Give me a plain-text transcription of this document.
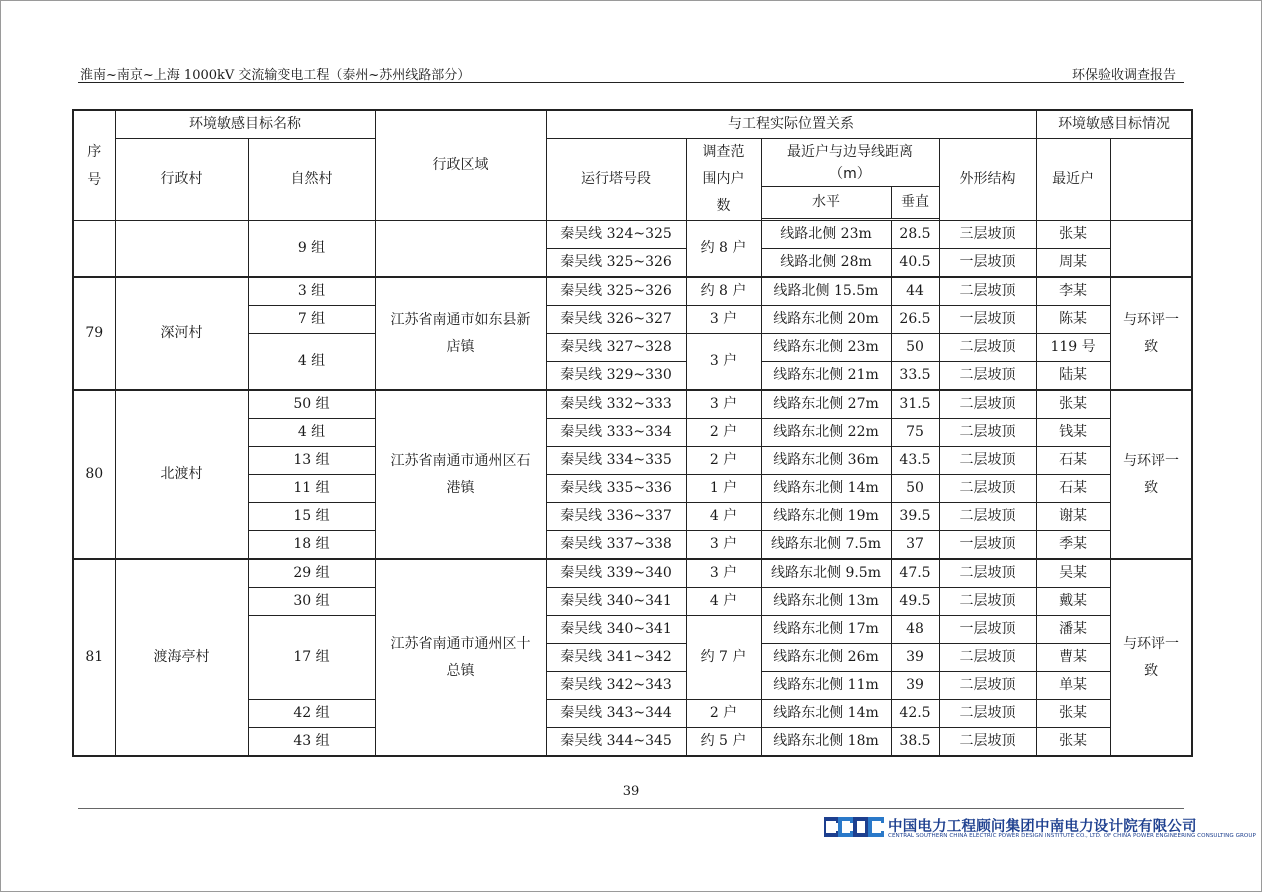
淮南~南京~上海 1000kV 交流输变电工程（泰州~苏州线路部分）	环保验收调查报告
序号	环境敏感目标名称		行政区域	与工程实际位置关系					环境敏感目标情况	

	行政村	自然村		运行塔号段	调查范围内户数	最近户与边导线距离（m）		外形结构	最近户		
						水平	垂直				

		9 组		秦吴线 324~325	约 8 户	线路北侧 23m	28.5	三层坡顶	张某		
				秦吴线 325~326		线路北侧 28m	40.5	一层坡顶	周某		
79	深河村	3 组	江苏省南通市如东县新店镇	秦吴线 325~326	约 8 户	线路北侧 15.5m	44	二层坡顶	李某	与环评一致	

		7 组		秦吴线 326~327	3 户	线路东北侧 20m	26.5	一层坡顶	陈某		
		4 组		秦吴线 327~328	3 户	线路东北侧 23m	50	二层坡顶	119 号		
				秦吴线 329~330		线路东北侧 21m	33.5	二层坡顶	陆某		
80	北渡村	50 组	江苏省南通市通州区石港镇	秦吴线 332~333	3 户	线路东北侧 27m	31.5	二层坡顶	张某	与环评一致	

		4 组		秦吴线 333~334	2 户	线路东北侧 22m	75	二层坡顶	钱某		
		13 组		秦吴线 334~335	2 户	线路东北侧 36m	43.5	二层坡顶	石某		
		11 组		秦吴线 335~336	1 户	线路东北侧 14m	50	二层坡顶	石某		
		15 组		秦吴线 336~337	4 户	线路东北侧 19m	39.5	二层坡顶	谢某		
		18 组		秦吴线 337~338	3 户	线路东北侧 7.5m	37	一层坡顶	季某		
81	渡海亭村	29 组	江苏省南通市通州区十总镇	秦吴线 339~340	3 户	线路东北侧 9.5m	47.5	二层坡顶	吴某	与环评一致	

		30 组		秦吴线 340~341	4 户	线路东北侧 13m	49.5	二层坡顶	戴某		
		17 组		秦吴线 340~341	约 7 户	线路东北侧 17m	48	一层坡顶	潘某		
				秦吴线 341~342		线路东北侧 26m	39	二层坡顶	曹某		
				秦吴线 342~343		线路东北侧 11m	39	二层坡顶	单某		
		42 组		秦吴线 343~344	2 户	线路东北侧 14m	42.5	二层坡顶	张某		
		43 组		秦吴线 344~345	约 5 户	线路东北侧 18m	38.5	二层坡顶	张某		
39
中国电力工程顾问集团中南电力设计院有限公司
CENTRAL SOUTHERN CHINA ELECTRIC POWER DESIGN INSTITUTE CO., LTD. OF CHINA POWER ENGINEERING CONSULTING GROUP
